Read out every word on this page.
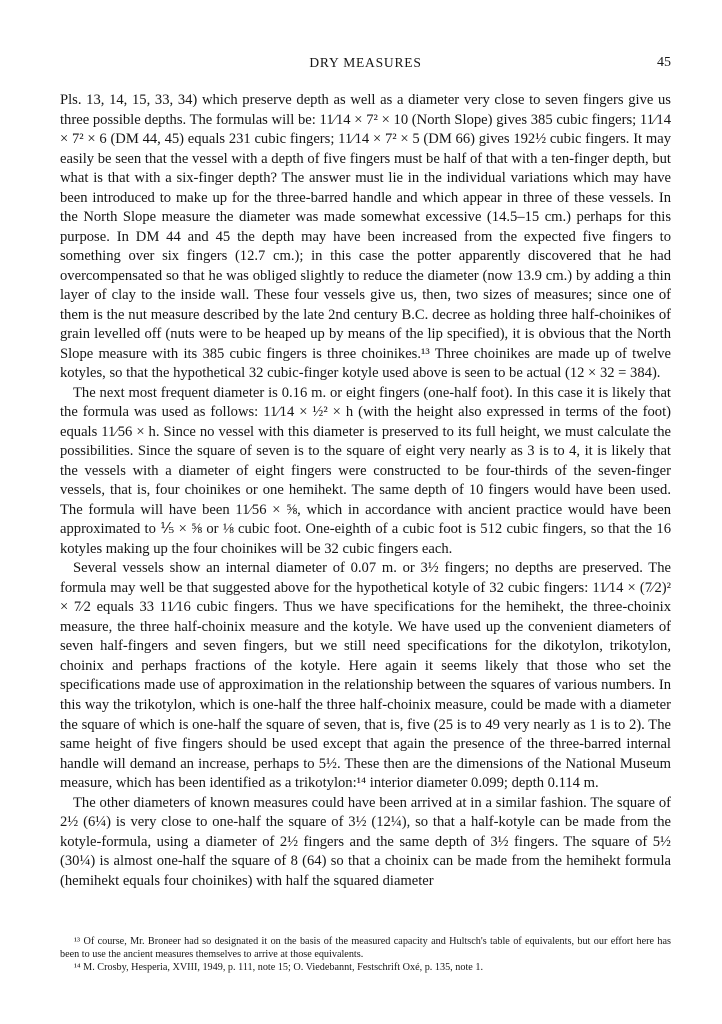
DRY MEASURES	45

Pls. 13, 14, 15, 33, 34) which preserve depth as well as a diameter very close to seven fingers give us three possible depths. The formulas will be: 11⁄14 × 7² × 10 (North Slope) gives 385 cubic fingers; 11⁄14 × 7² × 6 (DM 44, 45) equals 231 cubic fingers; 11⁄14 × 7² × 5 (DM 66) gives 192½ cubic fingers. It may easily be seen that the vessel with a depth of five fingers must be half of that with a ten-finger depth, but what is that with a six-finger depth? The answer must lie in the individual variations which may have been introduced to make up for the three-barred handle and which appear in three of these vessels. In the North Slope measure the diameter was made somewhat excessive (14.5–15 cm.) perhaps for this purpose. In DM 44 and 45 the depth may have been increased from the expected five fingers to something over six fingers (12.7 cm.); in this case the potter apparently discovered that he had overcompensated so that he was obliged slightly to reduce the diameter (now 13.9 cm.) by adding a thin layer of clay to the inside wall. These four vessels give us, then, two sizes of measures; since one of them is the nut measure described by the late 2nd century B.C. decree as holding three half-choinikes of grain levelled off (nuts were to be heaped up by means of the lip specified), it is obvious that the North Slope measure with its 385 cubic fingers is three choinikes.¹³ Three choinikes are made up of twelve kotyles, so that the hypothetical 32 cubic-finger kotyle used above is seen to be actual (12 × 32 = 384).

The next most frequent diameter is 0.16 m. or eight fingers (one-half foot). In this case it is likely that the formula was used as follows: 11⁄14 × ½² × h (with the height also expressed in terms of the foot) equals 11⁄56 × h. Since no vessel with this diameter is preserved to its full height, we must calculate the possibilities. Since the square of seven is to the square of eight very nearly as 3 is to 4, it is likely that the vessels with a diameter of eight fingers were constructed to be four-thirds of the seven-finger vessels, that is, four choinikes or one hemihekt. The same depth of 10 fingers would have been used. The formula will have been 11⁄56 × ⅝, which in accordance with ancient practice would have been approximated to ⅕ × ⅝ or ⅛ cubic foot. One-eighth of a cubic foot is 512 cubic fingers, so that the 16 kotyles making up the four choinikes will be 32 cubic fingers each.

Several vessels show an internal diameter of 0.07 m. or 3½ fingers; no depths are preserved. The formula may well be that suggested above for the hypothetical kotyle of 32 cubic fingers: 11⁄14 × (7⁄2)² × 7⁄2 equals 33 11⁄16 cubic fingers. Thus we have specifications for the hemihekt, the three-choinix measure, the three half-choinix measure and the kotyle. We have used up the convenient diameters of seven half-fingers and seven fingers, but we still need specifications for the dikotylon, trikotylon, choinix and perhaps fractions of the kotyle. Here again it seems likely that those who set the specifications made use of approximation in the relationship between the squares of various numbers. In this way the trikotylon, which is one-half the three half-choinix measure, could be made with a diameter the square of which is one-half the square of seven, that is, five (25 is to 49 very nearly as 1 is to 2). The same height of five fingers should be used except that again the presence of the three-barred internal handle will demand an increase, perhaps to 5½. These then are the dimensions of the National Museum measure, which has been identified as a trikotylon:¹⁴ interior diameter 0.099; depth 0.114 m.

The other diameters of known measures could have been arrived at in a similar fashion. The square of 2½ (6¼) is very close to one-half the square of 3½ (12¼), so that a half-kotyle can be made from the kotyle-formula, using a diameter of 2½ fingers and the same depth of 3½ fingers. The square of 5½ (30¼) is almost one-half the square of 8 (64) so that a choinix can be made from the hemihekt formula (hemihekt equals four choinikes) with half the squared diameter

¹³ Of course, Mr. Broneer had so designated it on the basis of the measured capacity and Hultsch's table of equivalents, but our effort here has been to use the ancient measures themselves to arrive at those equivalents.

¹⁴ M. Crosby, Hesperia, XVIII, 1949, p. 111, note 15; O. Viedebannt, Festschrift Oxé, p. 135, note 1.
